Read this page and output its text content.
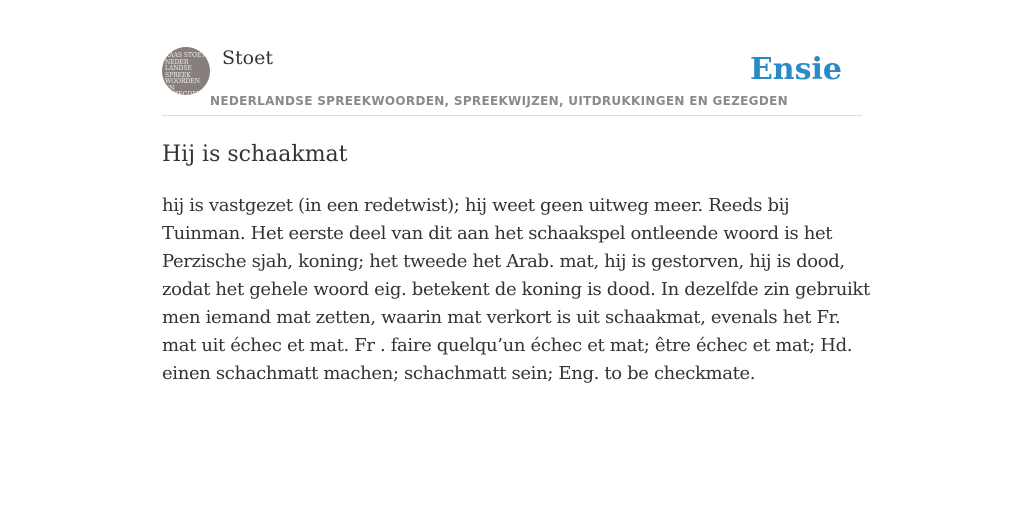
KAAS STOET
NEDER
LANDSE
SPREEK
WOORDEN EN
GEZEGDEN
Stoet
NEDERLANDSE SPREEKWOORDEN, SPREEKWIJZEN, UITDRUKKINGEN EN GEZEGDEN
Ensie
Hij is schaakmat
hij is vastgezet (in een redetwist); hij weet geen uitweg meer. Reeds bij Tuinman. Het eerste deel van dit aan het schaakspel ontleende woord is het Perzische sjah, koning; het tweede het Arab. mat, hij is gestorven, hij is dood, zodat het gehele woord eig. betekent de koning is dood. In dezelfde zin gebruikt men iemand mat zetten, waarin mat verkort is uit schaakmat, evenals het Fr. mat uit échec et mat. Fr . faire quelqu’un échec et mat; être échec et mat; Hd. einen schachmatt machen; schachmatt sein; Eng. to be checkmate.
